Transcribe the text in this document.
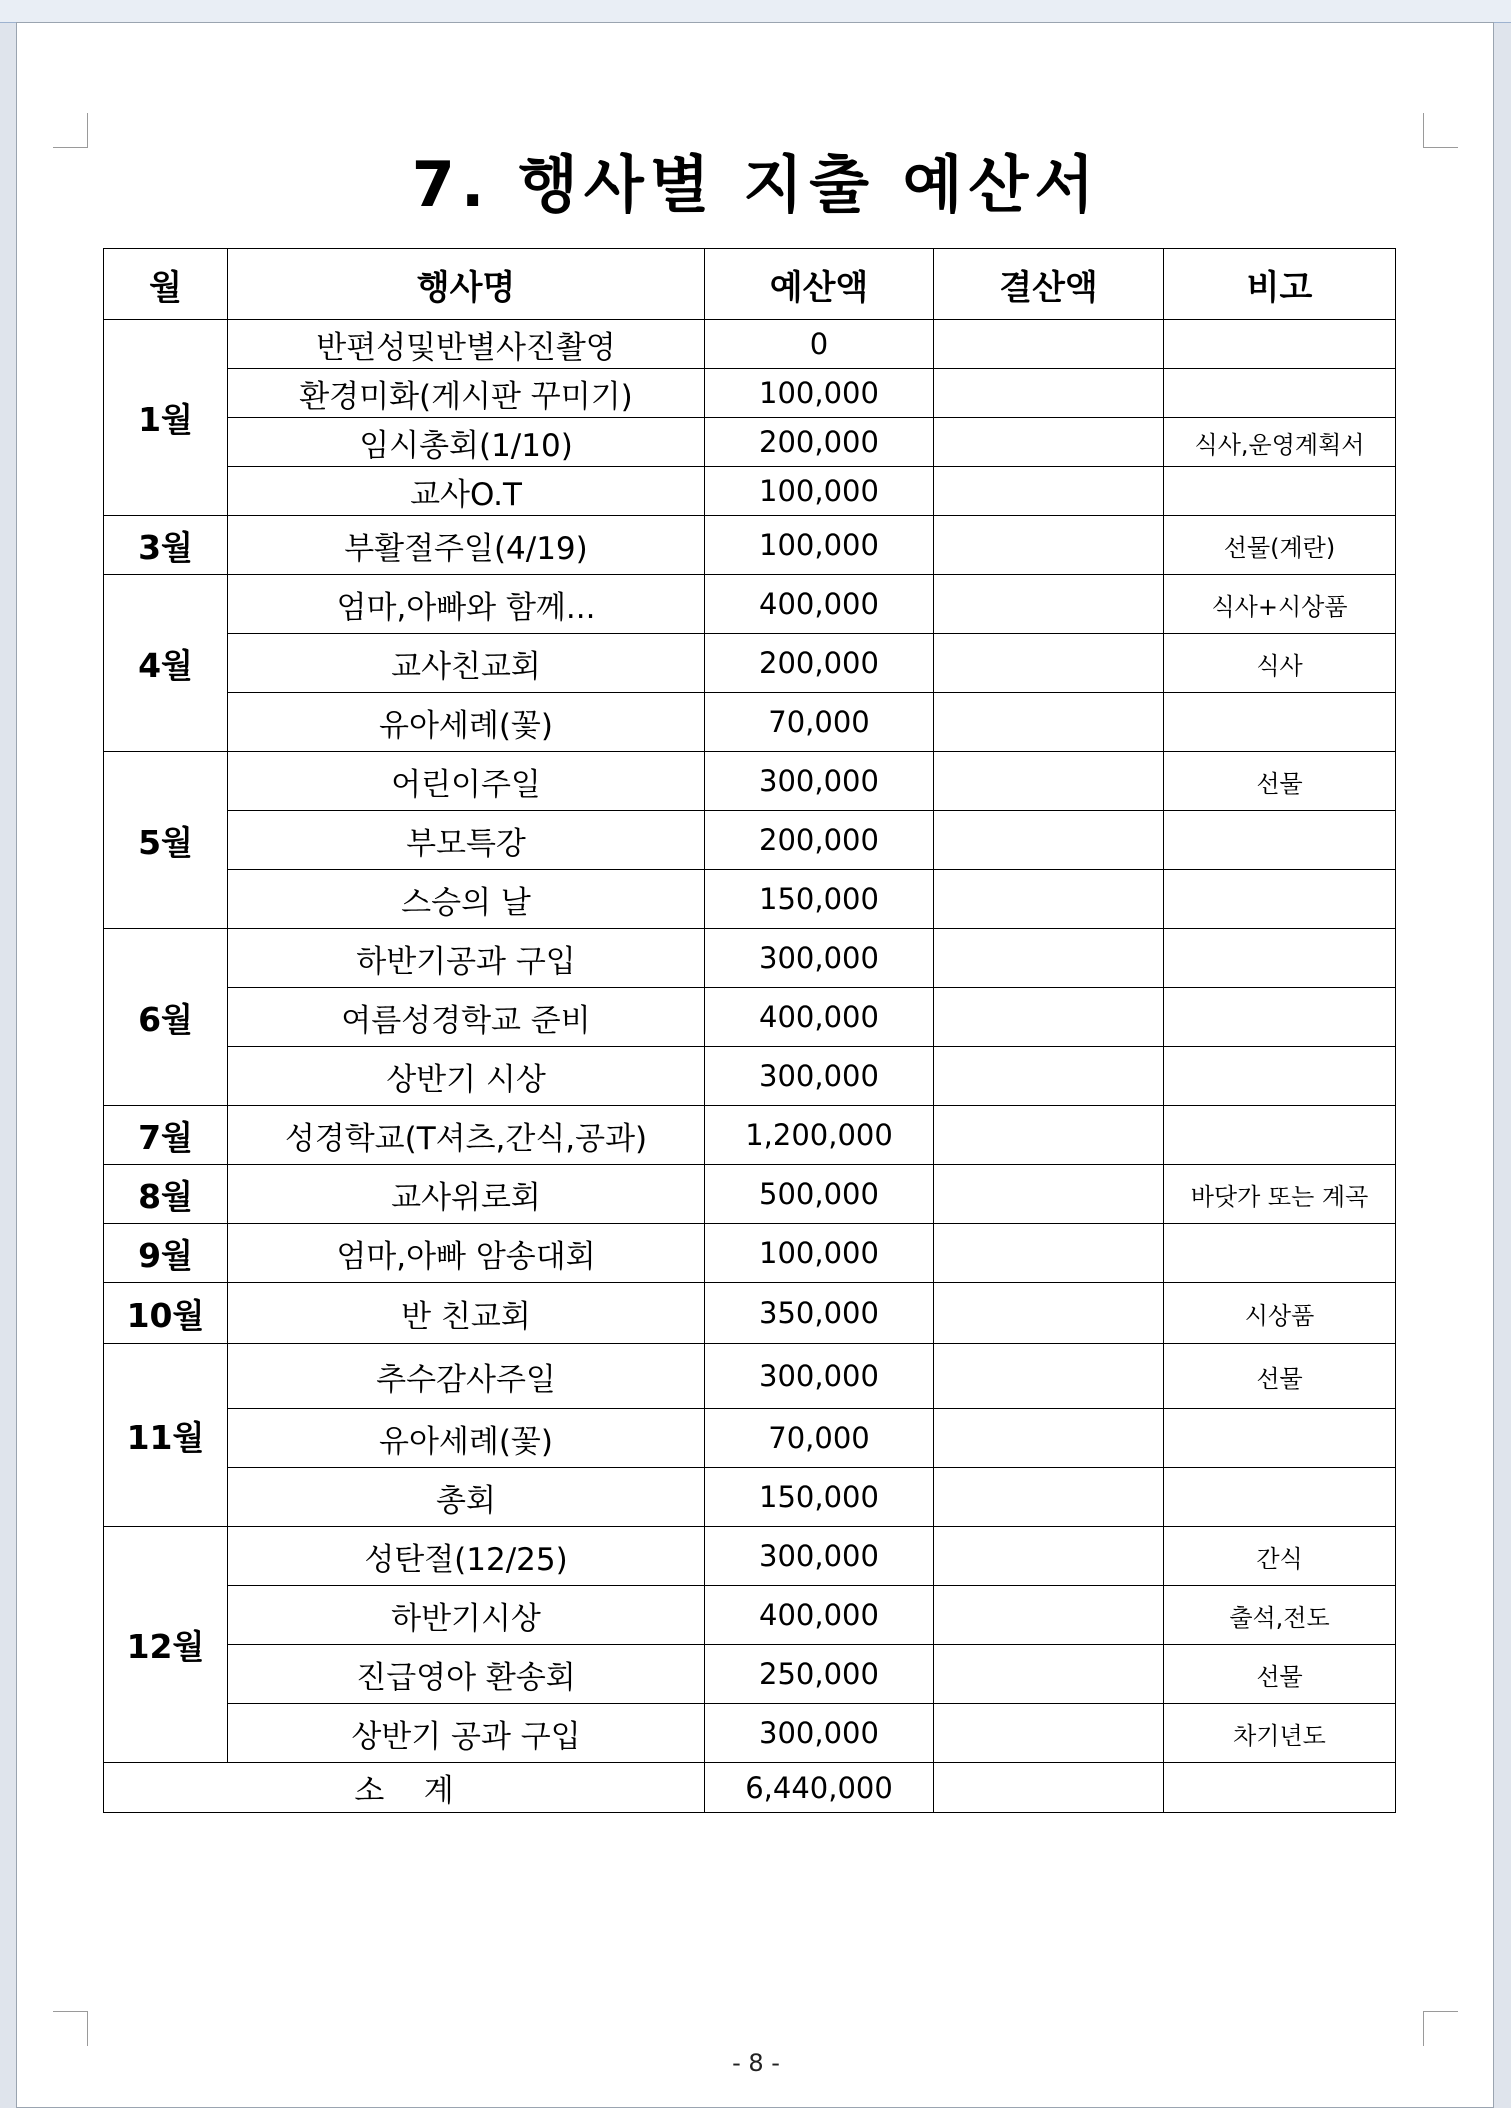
7. 행사별 지출 예산서
월	행사명	예산액	결산액	비고
1월	반편성및반별사진촬영	0		
	환경미화(게시판 꾸미기)	100,000		
	임시총회(1/10)	200,000		식사,운영계획서
	교사O.T	100,000		
3월	부활절주일(4/19)	100,000		선물(계란)
4월	엄마,아빠와 함께...	400,000		식사+시상품
	교사친교회	200,000		식사
	유아세례(꽃)	70,000		
5월	어린이주일	300,000		선물
	부모특강	200,000		
	스승의 날	150,000		
6월	하반기공과 구입	300,000		
	여름성경학교 준비	400,000		
	상반기 시상	300,000		
7월	성경학교(T셔츠,간식,공과)	1,200,000		
8월	교사위로회	500,000		바닷가 또는 계곡
9월	엄마,아빠 암송대회	100,000		
10월	반 친교회	350,000		시상품
11월	추수감사주일	300,000		선물
	유아세례(꽃)	70,000		
	총회	150,000		
12월	성탄절(12/25)	300,000		간식
	하반기시상	400,000		출석,전도
	진급영아 환송회	250,000		선물
	상반기 공과 구입	300,000		차기년도
소    계		6,440,000		
- 8 -
